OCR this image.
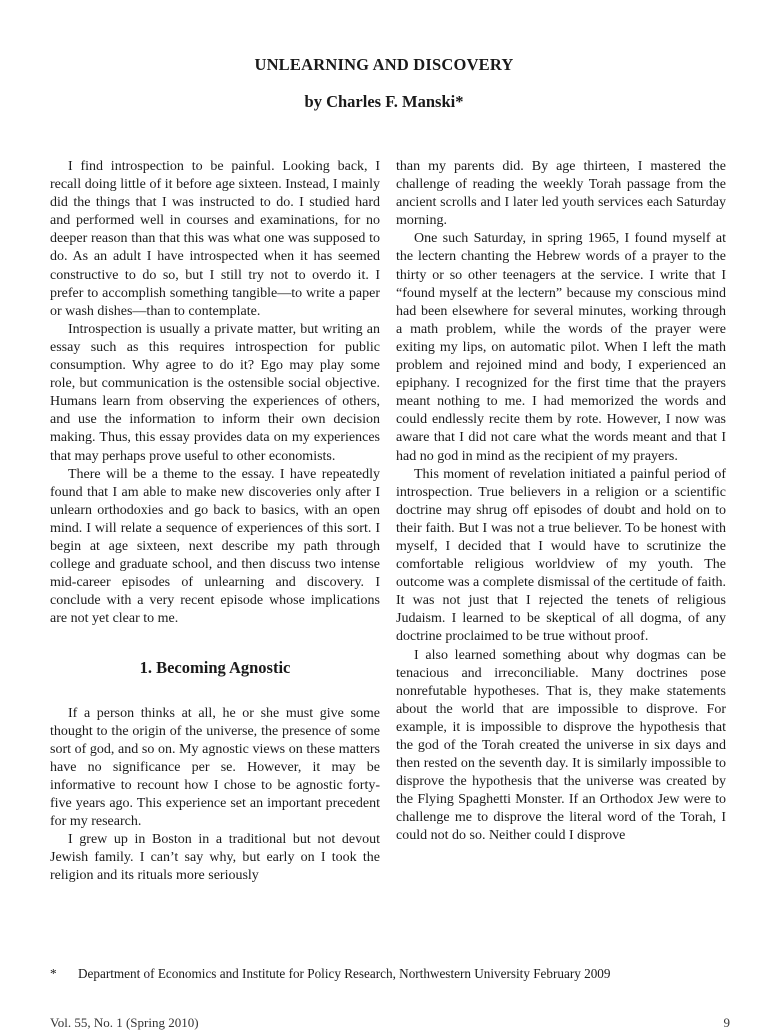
UNLEARNING AND DISCOVERY
by Charles F. Manski*

I find introspection to be painful. Looking back, I recall doing little of it before age sixteen. Instead, I mainly did the things that I was instructed to do. I studied hard and performed well in courses and examinations, for no deeper reason than that this was what one was supposed to do. As an adult I have introspected when it has seemed constructive to do so, but I still try not to overdo it. I prefer to accomplish something tangible—to write a paper or wash dishes—than to contemplate.

Introspection is usually a private matter, but writing an essay such as this requires introspection for public consumption. Why agree to do it? Ego may play some role, but communication is the ostensible social objective. Humans learn from observing the experiences of others, and use the information to inform their own decision making. Thus, this essay provides data on my experiences that may perhaps prove useful to other economists.

There will be a theme to the essay. I have repeatedly found that I am able to make new discoveries only after I unlearn orthodoxies and go back to basics, with an open mind. I will relate a sequence of experiences of this sort. I begin at age sixteen, next describe my path through college and graduate school, and then discuss two intense mid-career episodes of unlearning and discovery. I conclude with a very recent episode whose implications are not yet clear to me.

1. Becoming Agnostic

If a person thinks at all, he or she must give some thought to the origin of the universe, the presence of some sort of god, and so on. My agnostic views on these matters have no significance per se. However, it may be informative to recount how I chose to be agnostic forty-five years ago. This experience set an important precedent for my research.

I grew up in Boston in a traditional but not devout Jewish family. I can’t say why, but early on I took the religion and its rituals more seriously

than my parents did. By age thirteen, I mastered the challenge of reading the weekly Torah passage from the ancient scrolls and I later led youth services each Saturday morning.

One such Saturday, in spring 1965, I found myself at the lectern chanting the Hebrew words of a prayer to the thirty or so other teenagers at the service. I write that I “found myself at the lectern” because my conscious mind had been elsewhere for several minutes, working through a math problem, while the words of the prayer were exiting my lips, on automatic pilot. When I left the math problem and rejoined mind and body, I experienced an epiphany. I recognized for the first time that the prayers meant nothing to me. I had memorized the words and could endlessly recite them by rote. However, I now was aware that I did not care what the words meant and that I had no god in mind as the recipient of my prayers.

This moment of revelation initiated a painful period of introspection. True believers in a religion or a scientific doctrine may shrug off episodes of doubt and hold on to their faith. But I was not a true believer. To be honest with myself, I decided that I would have to scrutinize the comfortable religious worldview of my youth. The outcome was a complete dismissal of the certitude of faith. It was not just that I rejected the tenets of religious Judaism. I learned to be skeptical of all dogma, of any doctrine proclaimed to be true without proof.

I also learned something about why dogmas can be tenacious and irreconciliable. Many doctrines pose nonrefutable hypotheses. That is, they make statements about the world that are impossible to disprove. For example, it is impossible to disprove the hypothesis that the god of the Torah created the universe in six days and then rested on the seventh day. It is similarly impossible to disprove the hypothesis that the universe was created by the Flying Spaghetti Monster. If an Orthodox Jew were to challenge me to disprove the literal word of the Torah, I could not do so. Neither could I disprove

* Department of Economics and Institute for Policy Research, Northwestern University February 2009
Vol. 55, No. 1 (Spring 2010)	9
